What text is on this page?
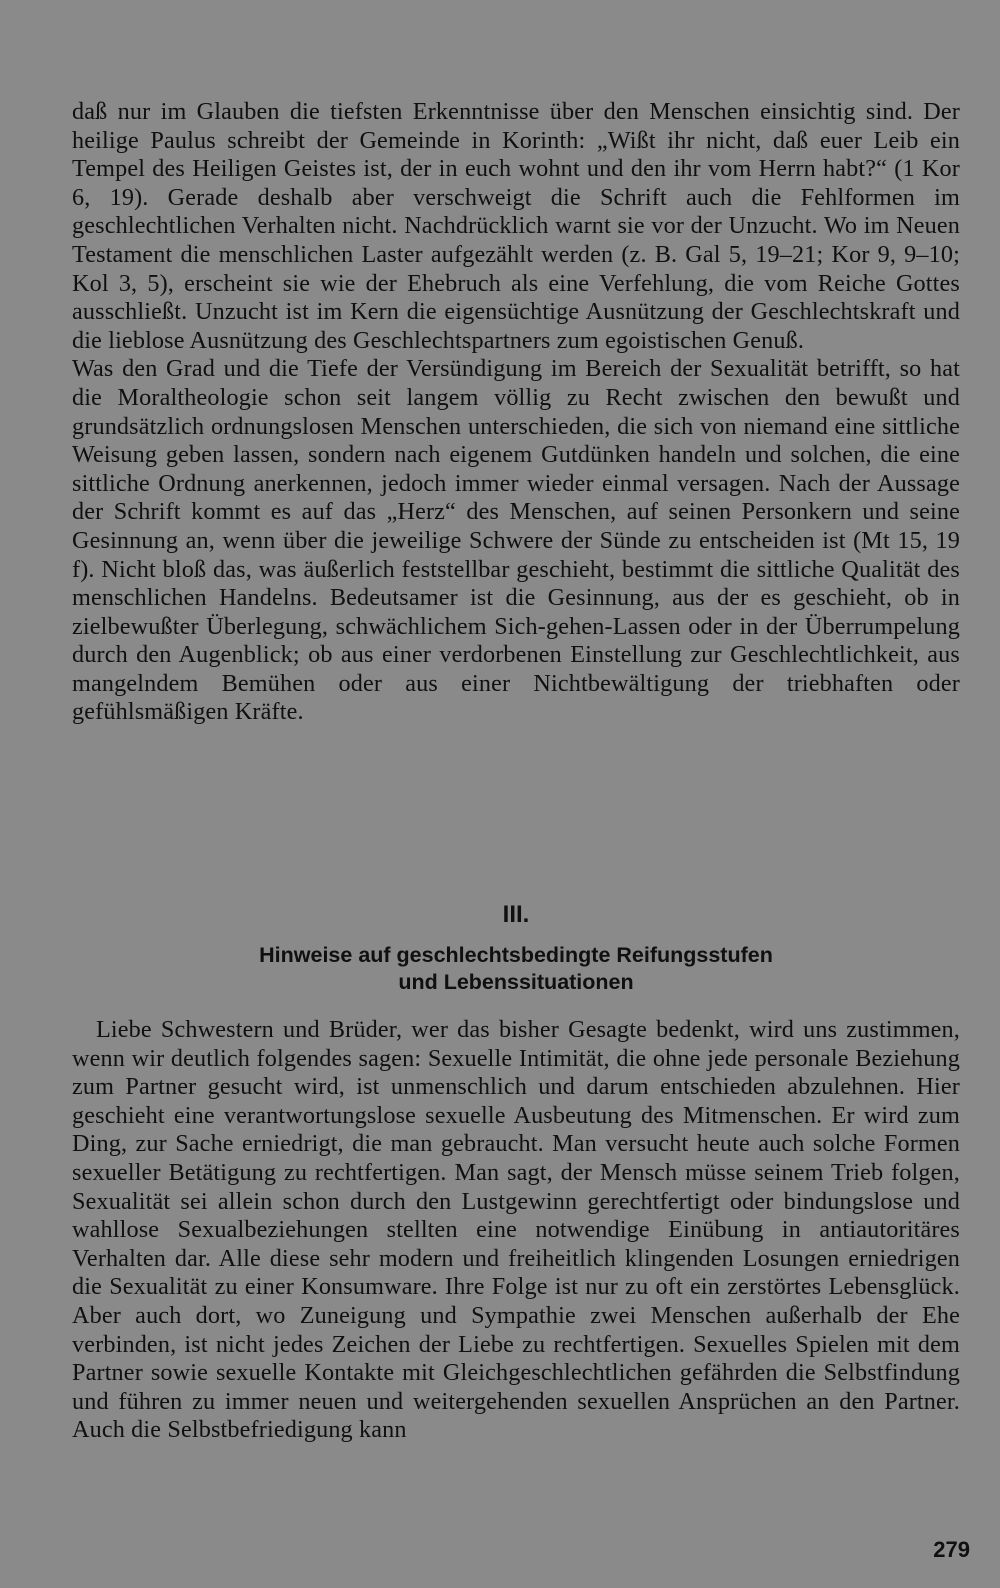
daß nur im Glauben die tiefsten Erkenntnisse über den Menschen einsichtig sind. Der heilige Paulus schreibt der Gemeinde in Korinth: „Wißt ihr nicht, daß euer Leib ein Tempel des Heiligen Geistes ist, der in euch wohnt und den ihr vom Herrn habt?“ (1 Kor 6, 19). Gerade deshalb aber verschweigt die Schrift auch die Fehlformen im geschlechtlichen Verhalten nicht. Nachdrücklich warnt sie vor der Unzucht. Wo im Neuen Testament die menschlichen Laster aufgezählt werden (z. B. Gal 5, 19–21; Kor 9, 9–10; Kol 3, 5), erscheint sie wie der Ehebruch als eine Verfehlung, die vom Reiche Gottes ausschließt. Unzucht ist im Kern die eigensüchtige Ausnützung der Geschlechtskraft und die lieblose Ausnützung des Geschlechtspartners zum egoistischen Genuß.

Was den Grad und die Tiefe der Versündigung im Bereich der Sexualität betrifft, so hat die Moraltheologie schon seit langem völlig zu Recht zwischen den bewußt und grundsätzlich ordnungslosen Menschen unterschieden, die sich von niemand eine sittliche Weisung geben lassen, sondern nach eigenem Gutdünken handeln und solchen, die eine sittliche Ordnung anerkennen, jedoch immer wieder einmal versagen. Nach der Aussage der Schrift kommt es auf das „Herz“ des Menschen, auf seinen Personkern und seine Gesinnung an, wenn über die jeweilige Schwere der Sünde zu entscheiden ist (Mt 15, 19 f). Nicht bloß das, was äußerlich feststellbar geschieht, bestimmt die sittliche Qualität des menschlichen Handelns. Bedeutsamer ist die Gesinnung, aus der es geschieht, ob in zielbewußter Überlegung, schwächlichem Sich-gehen-Lassen oder in der Überrumpelung durch den Augenblick; ob aus einer verdorbenen Einstellung zur Geschlechtlichkeit, aus mangelndem Bemühen oder aus einer Nichtbewältigung der triebhaften oder gefühlsmäßigen Kräfte.

III.
Hinweise auf geschlechtsbedingte Reifungsstufen
und Lebenssituationen

Liebe Schwestern und Brüder, wer das bisher Gesagte bedenkt, wird uns zustimmen, wenn wir deutlich folgendes sagen: Sexuelle Intimität, die ohne jede personale Beziehung zum Partner gesucht wird, ist unmenschlich und darum entschieden abzulehnen. Hier geschieht eine verantwortungslose sexuelle Ausbeutung des Mitmenschen. Er wird zum Ding, zur Sache erniedrigt, die man gebraucht. Man versucht heute auch solche Formen sexueller Betätigung zu rechtfertigen. Man sagt, der Mensch müsse seinem Trieb folgen, Sexualität sei allein schon durch den Lustgewinn gerechtfertigt oder bindungslose und wahllose Sexualbeziehungen stellten eine notwendige Einübung in antiautoritäres Verhalten dar. Alle diese sehr modern und freiheitlich klingenden Losungen erniedrigen die Sexualität zu einer Konsumware. Ihre Folge ist nur zu oft ein zerstörtes Lebensglück. Aber auch dort, wo Zuneigung und Sympathie zwei Menschen außerhalb der Ehe verbinden, ist nicht jedes Zeichen der Liebe zu rechtfertigen. Sexuelles Spielen mit dem Partner sowie sexuelle Kontakte mit Gleichgeschlechtlichen gefährden die Selbstfindung und führen zu immer neuen und weitergehenden sexuellen Ansprüchen an den Partner. Auch die Selbstbefriedigung kann

279
